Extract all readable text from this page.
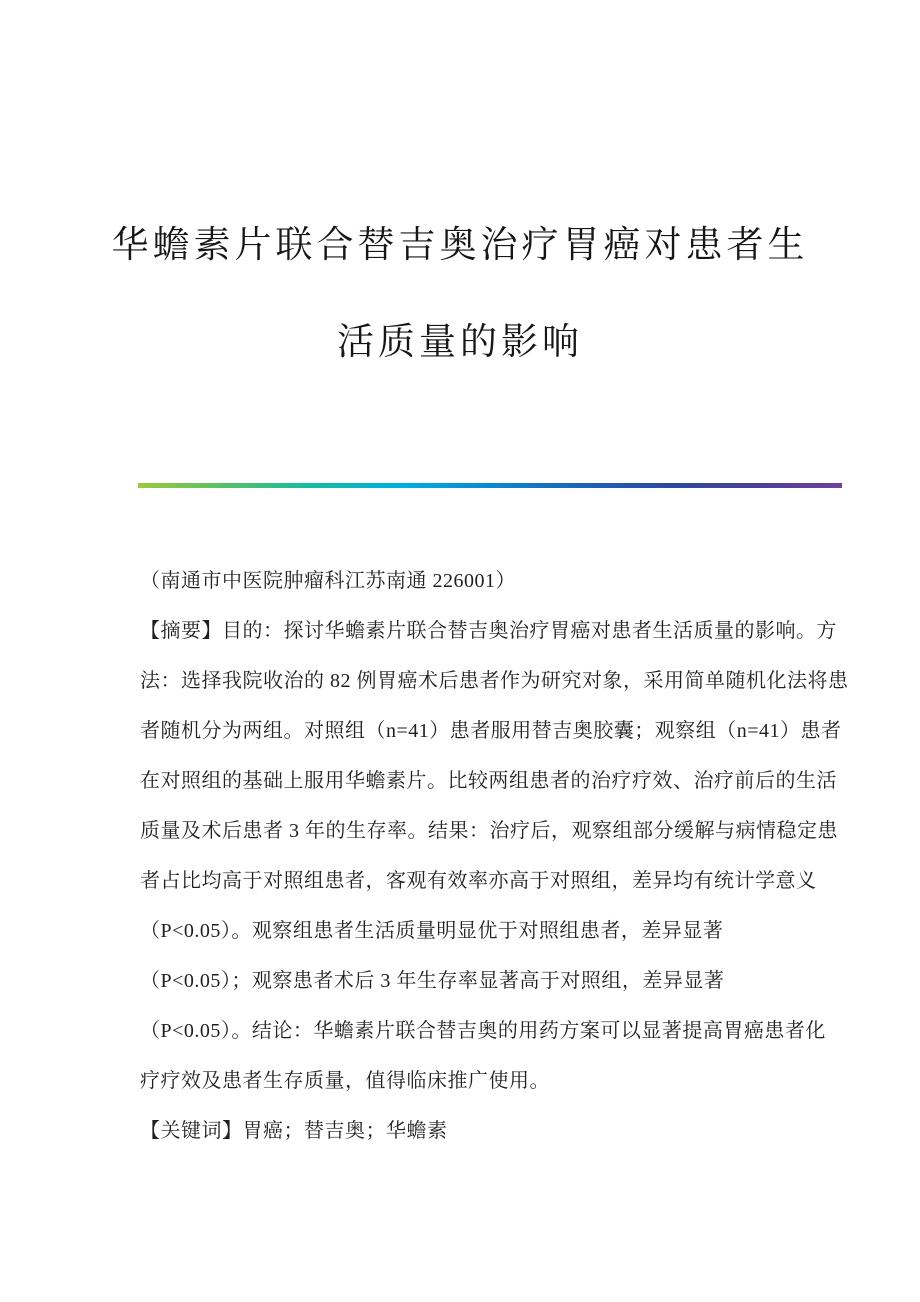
华蟾素片联合替吉奥治疗胃癌对患者生
活质量的影响
（南通市中医院肿瘤科江苏南通 226001）
【摘要】目的：探讨华蟾素片联合替吉奥治疗胃癌对患者生活质量的影响。方
法：选择我院收治的 82 例胃癌术后患者作为研究对象，采用简单随机化法将患
者随机分为两组。对照组（n=41）患者服用替吉奥胶囊；观察组（n=41）患者
在对照组的基础上服用华蟾素片。比较两组患者的治疗疗效、治疗前后的生活
质量及术后患者 3 年的生存率。结果：治疗后，观察组部分缓解与病情稳定患
者占比均高于对照组患者，客观有效率亦高于对照组，差异均有统计学意义
（P<0.05）。观察组患者生活质量明显优于对照组患者，差异显著
（P<0.05）；观察患者术后 3 年生存率显著高于对照组，差异显著
（P<0.05）。结论：华蟾素片联合替吉奥的用药方案可以显著提高胃癌患者化
疗疗效及患者生存质量，值得临床推广使用。
【关键词】胃癌；替吉奥；华蟾素
